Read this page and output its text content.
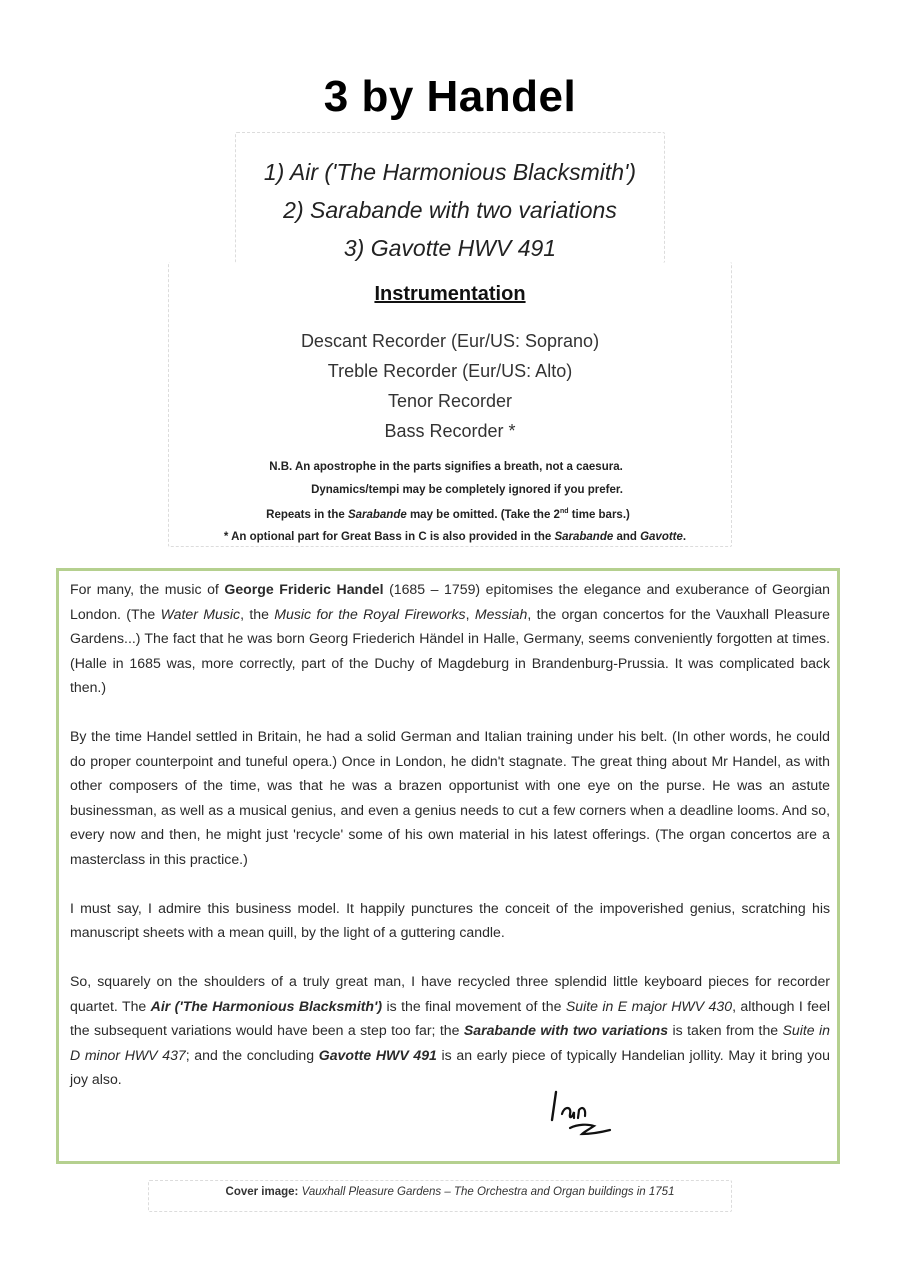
3 by Handel
1) Air ('The Harmonious Blacksmith')
2) Sarabande with two variations
3) Gavotte HWV 491
Instrumentation
Descant Recorder (Eur/US: Soprano)
Treble Recorder (Eur/US: Alto)
Tenor Recorder
Bass Recorder *
N.B. An apostrophe in the parts signifies a breath, not a caesura.
Dynamics/tempi may be completely ignored if you prefer.
Repeats in the Sarabande may be omitted. (Take the 2nd time bars.)
* An optional part for Great Bass in C is also provided in the Sarabande and Gavotte.

For many, the music of George Frideric Handel (1685 – 1759) epitomises the elegance and exuberance of Georgian London. (The Water Music, the Music for the Royal Fireworks, Messiah, the organ concertos for the Vauxhall Pleasure Gardens...) The fact that he was born Georg Friederich Händel in Halle, Germany, seems conveniently forgotten at times. (Halle in 1685 was, more correctly, part of the Duchy of Magdeburg in Brandenburg-Prussia. It was complicated back then.)

By the time Handel settled in Britain, he had a solid German and Italian training under his belt. (In other words, he could do proper counterpoint and tuneful opera.) Once in London, he didn't stagnate. The great thing about Mr Handel, as with other composers of the time, was that he was a brazen opportunist with one eye on the purse. He was an astute businessman, as well as a musical genius, and even a genius needs to cut a few corners when a deadline looms. And so, every now and then, he might just 'recycle' some of his own material in his latest offerings. (The organ concertos are a masterclass in this practice.)

I must say, I admire this business model. It happily punctures the conceit of the impoverished genius, scratching his manuscript sheets with a mean quill, by the light of a guttering candle.

So, squarely on the shoulders of a truly great man, I have recycled three splendid little keyboard pieces for recorder quartet. The Air ('The Harmonious Blacksmith') is the final movement of the Suite in E major HWV 430, although I feel the subsequent variations would have been a step too far; the Sarabande with two variations is taken from the Suite in D minor HWV 437; and the concluding Gavotte HWV 491 is an early piece of typically Handelian jollity. May it bring you joy also.

Cover image: Vauxhall Pleasure Gardens – The Orchestra and Organ buildings in 1751
